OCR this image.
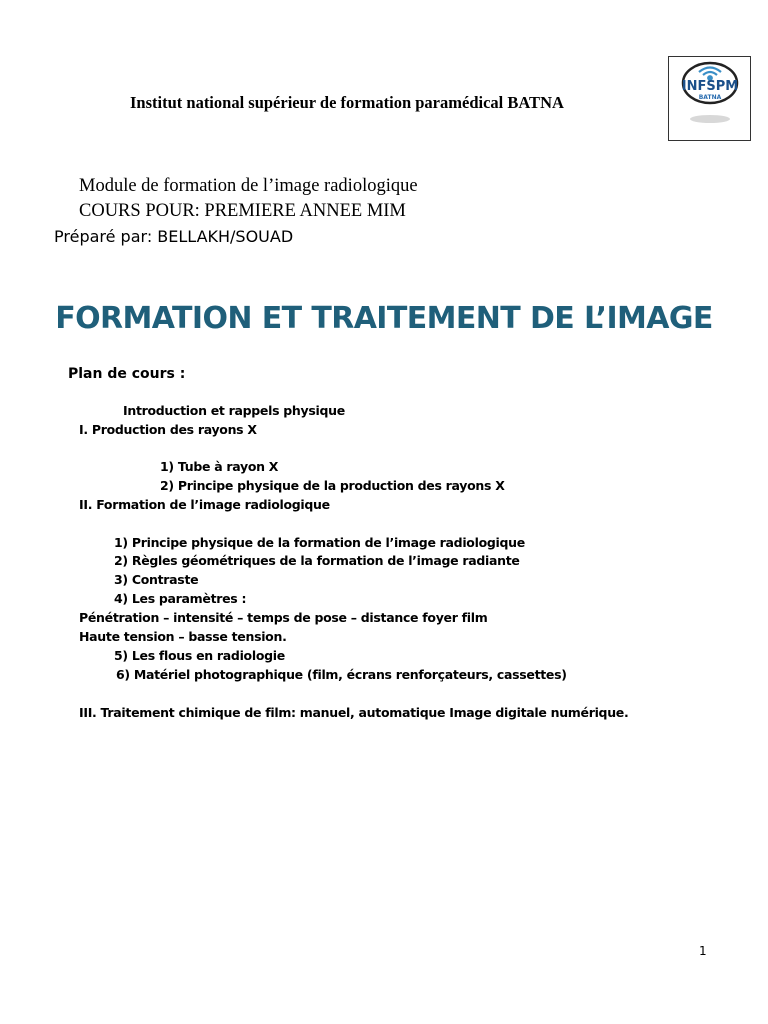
Institut national supérieur de formation paramédical BATNA
INFSPM
BATNA
Module de formation de l’image radiologique
COURS POUR: PREMIERE ANNEE MIM
Préparé par: BELLAKH/SOUAD
FORMATION ET TRAITEMENT DE L’IMAGE
Plan de cours :
Introduction et rappels physique
I. Production des rayons X
1) Tube à rayon X
2) Principe physique de la production des rayons X
II. Formation de l’image radiologique
1) Principe physique de la formation de l’image radiologique
2) Règles géométriques de la formation de l’image radiante
3) Contraste
4) Les paramètres :
Pénétration – intensité – temps de pose – distance foyer film
Haute tension – basse tension.
5) Les flous en radiologie
6) Matériel photographique (film, écrans renforçateurs, cassettes)
III. Traitement chimique de film: manuel, automatique Image digitale numérique.
1
